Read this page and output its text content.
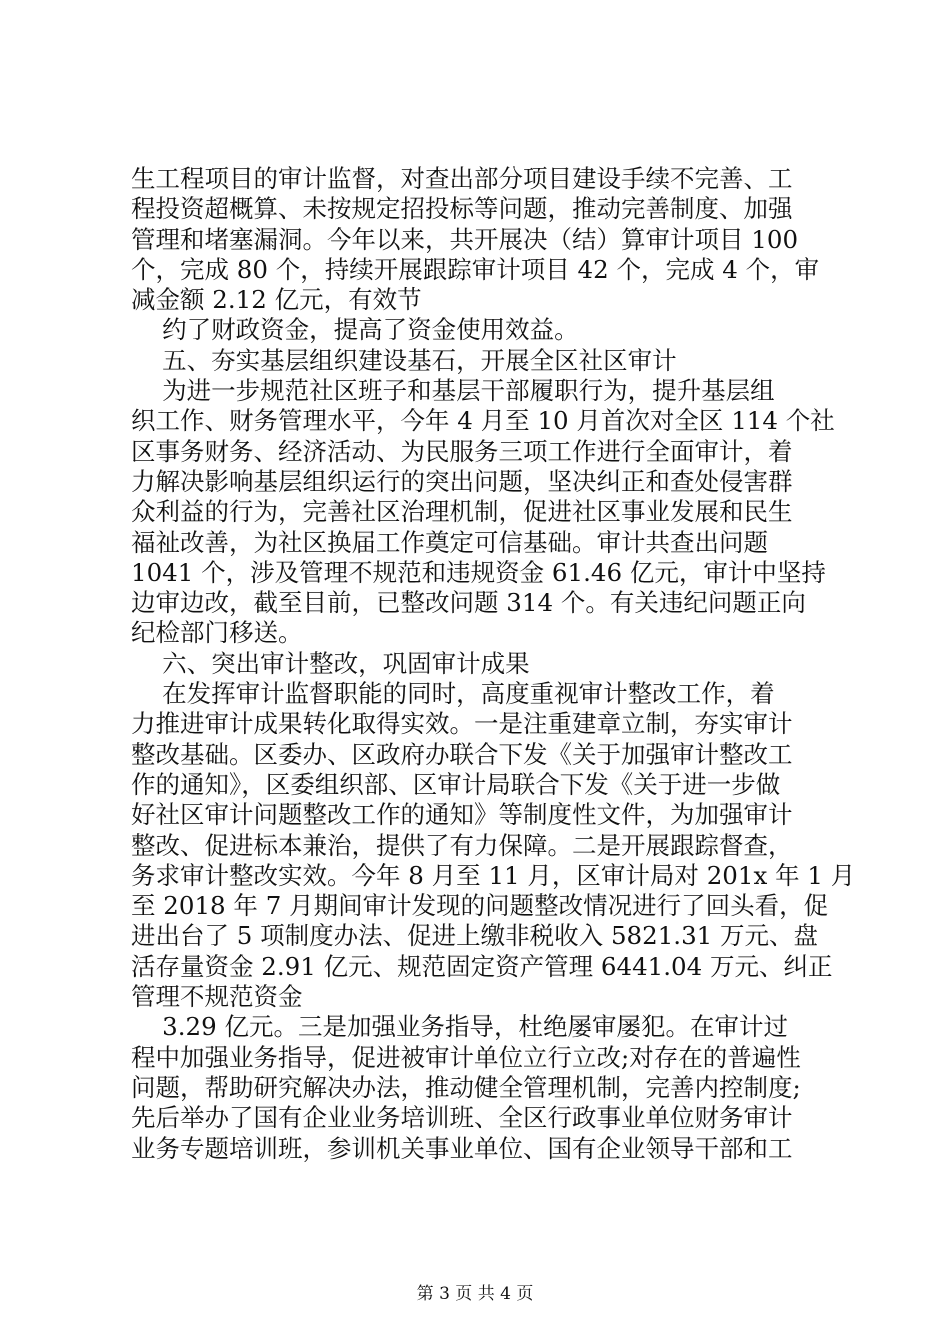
生工程项目的审计监督，对查出部分项目建设手续不完善、工
程投资超概算、未按规定招投标等问题，推动完善制度、加强
管理和堵塞漏洞。今年以来，共开展决（结）算审计项目 100
个，完成 80 个，持续开展跟踪审计项目 42 个，完成 4 个，审
减金额 2.12 亿元，有效节
约了财政资金，提高了资金使用效益。
五、夯实基层组织建设基石，开展全区社区审计
为进一步规范社区班子和基层干部履职行为，提升基层组
织工作、财务管理水平，今年 4 月至 10 月首次对全区 114 个社
区事务财务、经济活动、为民服务三项工作进行全面审计，着
力解决影响基层组织运行的突出问题，坚决纠正和查处侵害群
众利益的行为，完善社区治理机制，促进社区事业发展和民生
福祉改善，为社区换届工作奠定可信基础。审计共查出问题
1041 个，涉及管理不规范和违规资金 61.46 亿元，审计中坚持
边审边改，截至目前，已整改问题 314 个。有关违纪问题正向
纪检部门移送。
六、突出审计整改，巩固审计成果
在发挥审计监督职能的同时，高度重视审计整改工作，着
力推进审计成果转化取得实效。一是注重建章立制，夯实审计
整改基础。区委办、区政府办联合下发《关于加强审计整改工
作的通知》，区委组织部、区审计局联合下发《关于进一步做
好社区审计问题整改工作的通知》等制度性文件，为加强审计
整改、促进标本兼治，提供了有力保障。二是开展跟踪督查，
务求审计整改实效。今年 8 月至 11 月，区审计局对 201x 年 1 月
至 2018 年 7 月期间审计发现的问题整改情况进行了回头看，促
进出台了 5 项制度办法、促进上缴非税收入 5821.31 万元、盘
活存量资金 2.91 亿元、规范固定资产管理 6441.04 万元、纠正
管理不规范资金
3.29 亿元。三是加强业务指导，杜绝屡审屡犯。在审计过
程中加强业务指导，促进被审计单位立行立改;对存在的普遍性
问题，帮助研究解决办法，推动健全管理机制，完善内控制度;
先后举办了国有企业业务培训班、全区行政事业单位财务审计
业务专题培训班，参训机关事业单位、国有企业领导干部和工
第 3 页 共 4 页
